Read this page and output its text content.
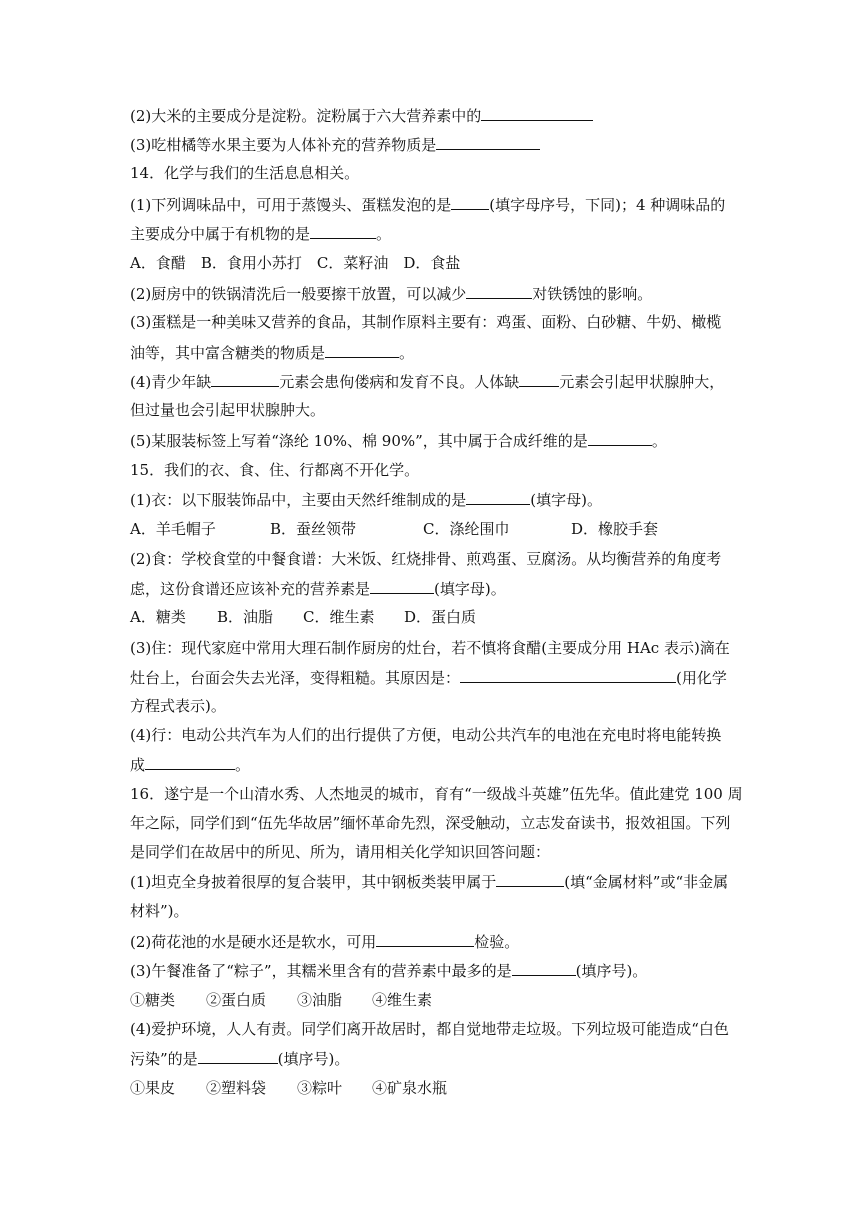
(2)大米的主要成分是淀粉。淀粉属于六大营养素中的
(3)吃柑橘等水果主要为人体补充的营养物质是
14．化学与我们的生活息息相关。
(1)下列调味品中，可用于蒸馒头、蛋糕发泡的是	(填字母序号，下同)；4 种调味品的
主要成分中属于有机物的是	。
A．食醋　B．食用小苏打　C．菜籽油　D．食盐
(2)厨房中的铁锅清洗后一般要擦干放置，可以减少	对铁锈蚀的影响。
(3)蛋糕是一种美味又营养的食品，其制作原料主要有：鸡蛋、面粉、白砂糖、牛奶、橄榄
油等，其中富含糖类的物质是	。
(4)青少年缺	元素会患佝偻病和发育不良。人体缺	元素会引起甲状腺肿大，
但过量也会引起甲状腺肿大。
(5)某服装标签上写着“涤纶 10%、棉 90%”，其中属于合成纤维的是	。
15．我们的衣、食、住、行都离不开化学。
(1)衣：以下服装饰品中，主要由天然纤维制成的是	(填字母)。
A．羊毛帽子	B．蚕丝领带	C．涤纶围巾	D．橡胶手套
(2)食：学校食堂的中餐食谱：大米饭、红烧排骨、煎鸡蛋、豆腐汤。从均衡营养的角度考
虑，这份食谱还应该补充的营养素是	(填字母)。
A．糖类 B．油脂 C．维生素 D．蛋白质
(3)住：现代家庭中常用大理石制作厨房的灶台，若不慎将食醋(主要成分用 HAc 表示)滴在
灶台上，台面会失去光泽，变得粗糙。其原因是：	(用化学
方程式表示)。
(4)行：电动公共汽车为人们的出行提供了方便，电动公共汽车的电池在充电时将电能转换
成	。
16．遂宁是一个山清水秀、人杰地灵的城市，育有“一级战斗英雄”伍先华。值此建党 100 周
年之际，同学们到“伍先华故居”缅怀革命先烈，深受触动，立志发奋读书，报效祖国。下列
是同学们在故居中的所见、所为，请用相关化学知识回答问题：
(1)坦克全身披着很厚的复合装甲，其中钢板类装甲属于	(填“金属材料”或“非金属
材料”)。
(2)荷花池的水是硬水还是软水，可用	检验。
(3)午餐准备了“粽子”，其糯米里含有的营养素中最多的是	(填序号)。
①糖类 ②蛋白质 ③油脂 ④维生素
(4)爱护环境，人人有责。同学们离开故居时，都自觉地带走垃圾。下列垃圾可能造成“白色
污染”的是	(填序号)。
①果皮 ②塑料袋 ③粽叶 ④矿泉水瓶
